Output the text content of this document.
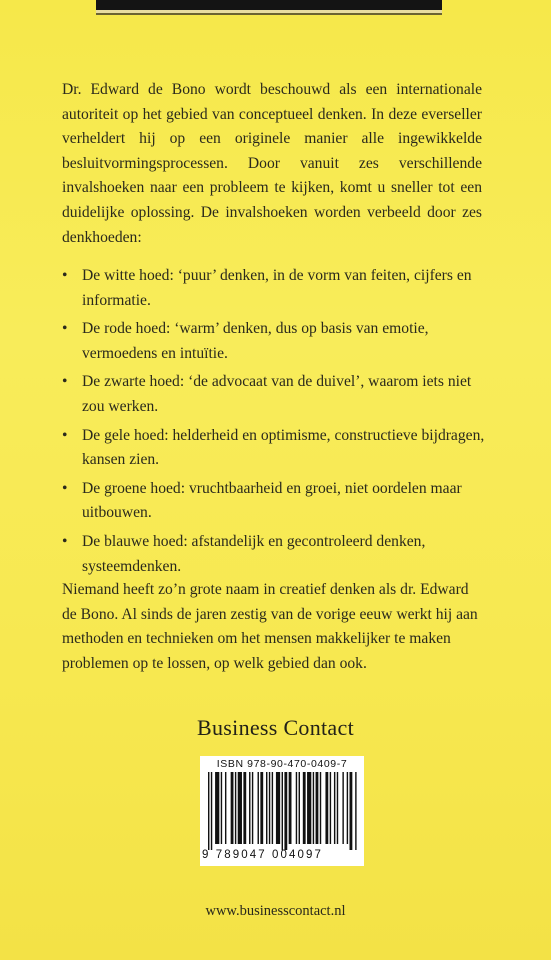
Dr. Edward de Bono wordt beschouwd als een internationale autoriteit op het gebied van conceptueel denken. In deze everseller verheldert hij op een originele manier alle ingewikkelde besluitvormingsprocessen. Door vanuit zes verschillende invalshoeken naar een probleem te kijken, komt u sneller tot een duidelijke oplossing. De invalshoeken worden verbeeld door zes denkhoeden:

• De witte hoed: ‘puur’ denken, in de vorm van feiten, cijfers en informatie.
• De rode hoed: ‘warm’ denken, dus op basis van emotie, vermoedens en intuïtie.
• De zwarte hoed: ‘de advocaat van de duivel’, waarom iets niet zou werken.
• De gele hoed: helderheid en optimisme, constructieve bijdragen, kansen zien.
• De groene hoed: vruchtbaarheid en groei, niet oordelen maar uitbouwen.
• De blauwe hoed: afstandelijk en gecontroleerd denken, systeemdenken.

Niemand heeft zo’n grote naam in creatief denken als dr. Edward de Bono. Al sinds de jaren zestig van de vorige eeuw werkt hij aan methoden en technieken om het mensen makkelijker te maken problemen op te lossen, op welk gebied dan ook.

Business Contact
ISBN 978-90-470-0409-7
9 789047 004097
www.businesscontact.nl
